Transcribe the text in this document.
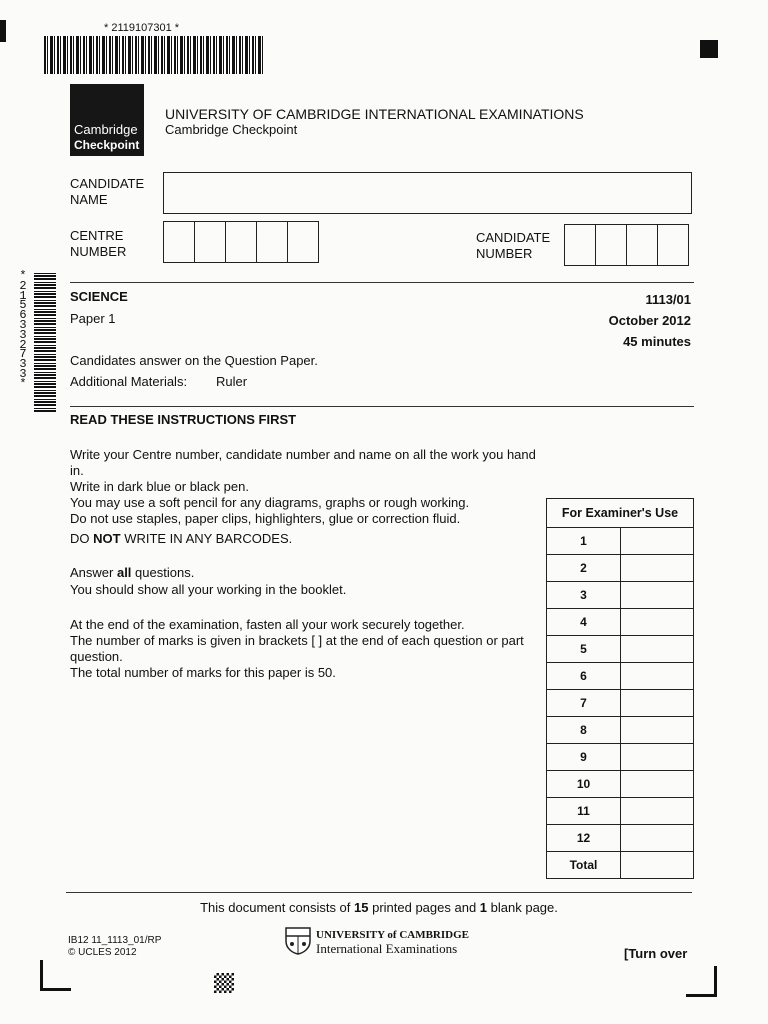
* 2119107301 *
*2156332733*
Cambridge
Checkpoint
UNIVERSITY OF CAMBRIDGE INTERNATIONAL EXAMINATIONS
Cambridge Checkpoint
CANDIDATE
NAME
CENTRE
NUMBER
CANDIDATE
NUMBER
SCIENCE
Paper 1
1113/01
October 2012
45 minutes
Candidates answer on the Question Paper.
Additional Materials: Ruler
READ THESE INSTRUCTIONS FIRST
Write your Centre number, candidate number and name on all the work you hand in.
Write in dark blue or black pen.
You may use a soft pencil for any diagrams, graphs or rough working.
Do not use staples, paper clips, highlighters, glue or correction fluid.
DO NOT WRITE IN ANY BARCODES.
Answer all questions.
You should show all your working in the booklet.
At the end of the examination, fasten all your work securely together.
The number of marks is given in brackets [ ] at the end of each question or part question.
The total number of marks for this paper is 50.
For Examiner's Use	
1	
2	
3	
4	
5	
6	
7	
8	
9	
10	
11	
12	
Total	
This document consists of 15 printed pages and 1 blank page.
IB12 11_1113_01/RP
© UCLES 2012
UNIVERSITY of CAMBRIDGE
International Examinations	[Turn over
